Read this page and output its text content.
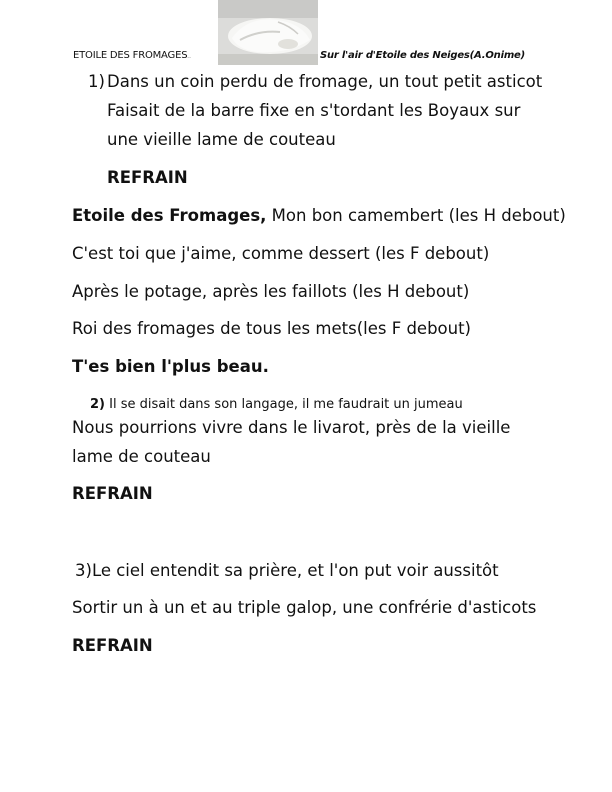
ETOILE DES FROMAGES...	Sur l'air d'Etoile des Neiges(A.Onime)
1) Dans un coin perdu de fromage, un tout petit asticot
Faisait de la barre fixe en s'tordant les Boyaux sur
une vieille lame de couteau
REFRAIN
Etoile des Fromages, Mon bon camembert (les H debout)
C'est toi que j'aime, comme dessert (les F debout)
Après le potage, après les faillots (les H debout)
Roi des fromages de tous les mets(les F debout)
T'es bien l'plus beau.
2) Il se disait dans son langage, il me faudrait un jumeau
Nous pourrions vivre dans le livarot, près de la vieille
lame de couteau
REFRAIN
3)Le ciel entendit sa prière, et l'on put voir aussitôt
Sortir un à un et au triple galop, une confrérie d'asticots
REFRAIN
